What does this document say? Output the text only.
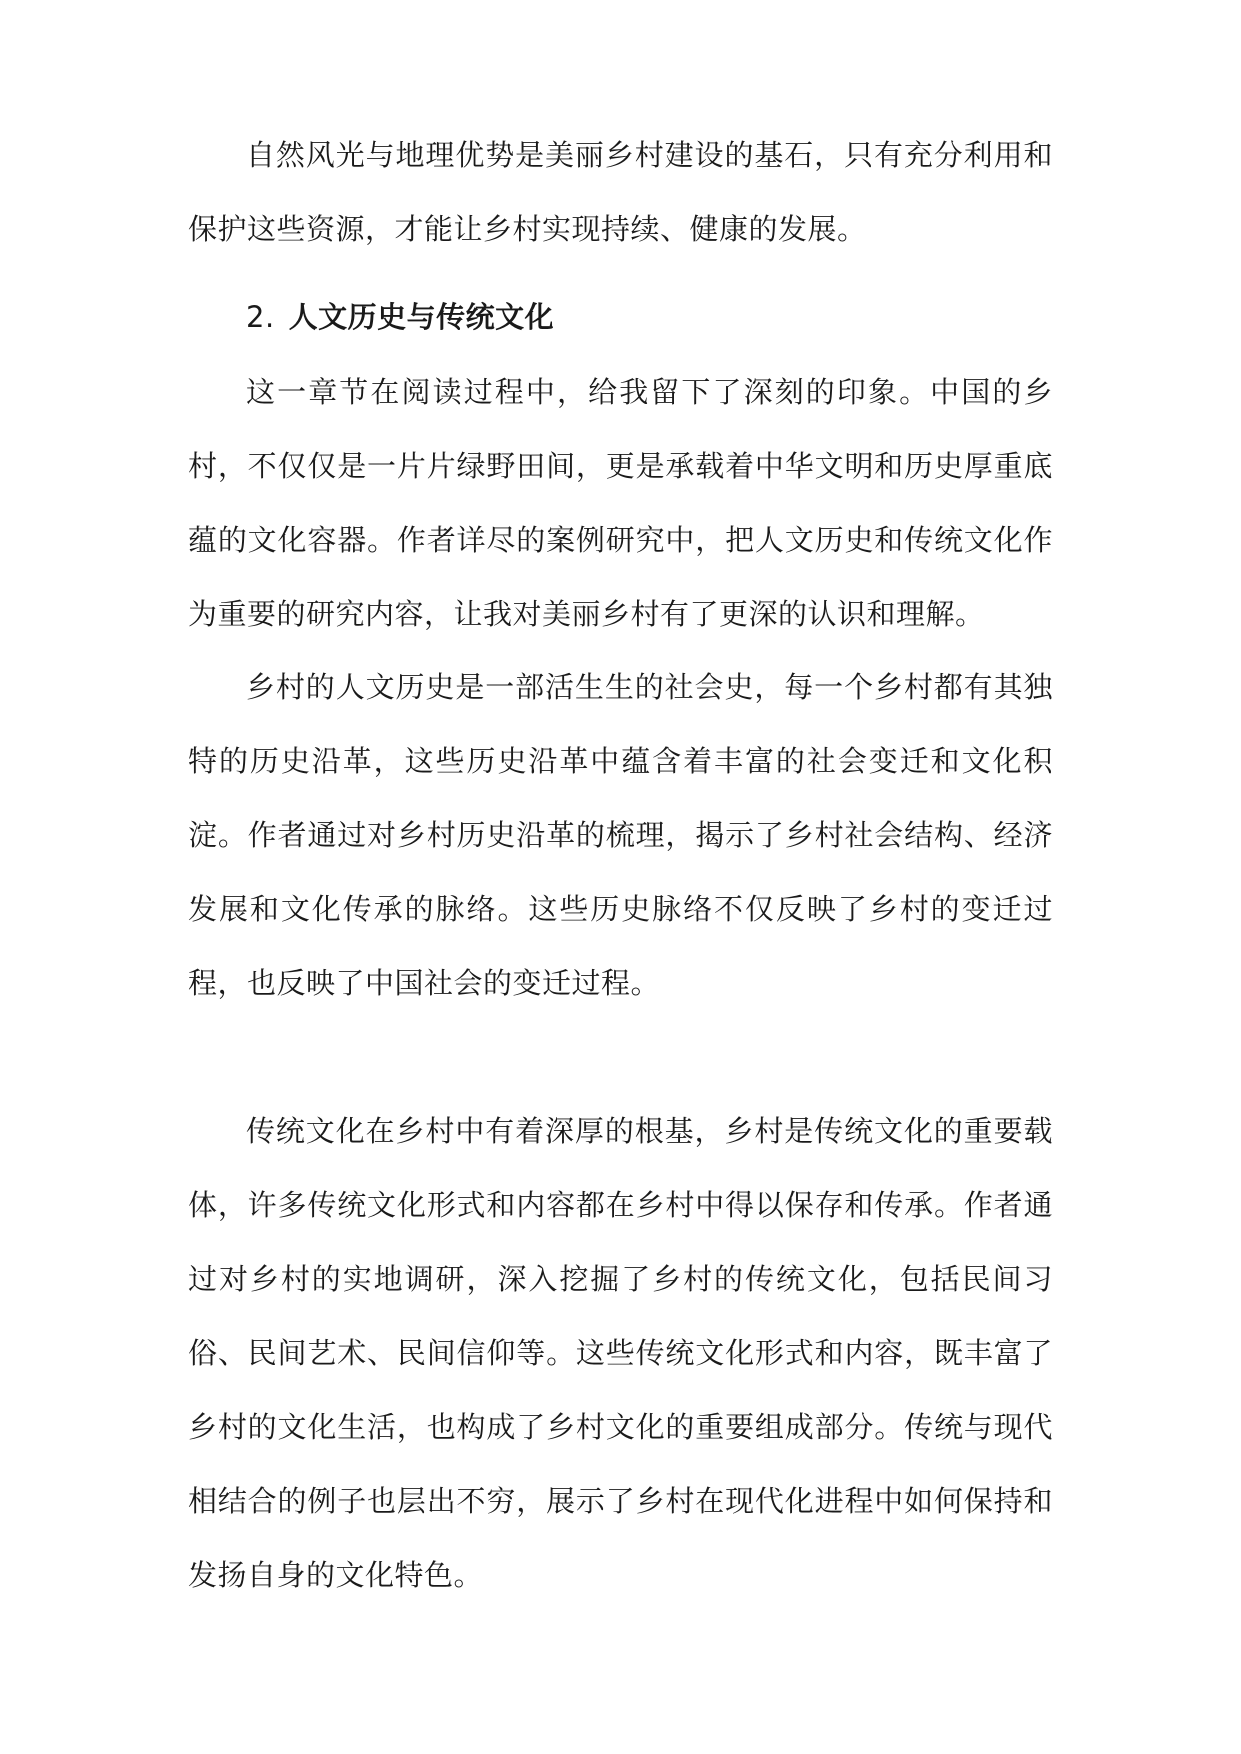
自然风光与地理优势是美丽乡村建设的基石，只有充分利用和保护这些资源，才能让乡村实现持续、健康的发展。

2. 人文历史与传统文化

这一章节在阅读过程中，给我留下了深刻的印象。中国的乡村，不仅仅是一片片绿野田间，更是承载着中华文明和历史厚重底蕴的文化容器。作者详尽的案例研究中，把人文历史和传统文化作为重要的研究内容，让我对美丽乡村有了更深的认识和理解。

乡村的人文历史是一部活生生的社会史，每一个乡村都有其独特的历史沿革，这些历史沿革中蕴含着丰富的社会变迁和文化积淀。作者通过对乡村历史沿革的梳理，揭示了乡村社会结构、经济发展和文化传承的脉络。这些历史脉络不仅反映了乡村的变迁过程，也反映了中国社会的变迁过程。

传统文化在乡村中有着深厚的根基，乡村是传统文化的重要载体，许多传统文化形式和内容都在乡村中得以保存和传承。作者通过对乡村的实地调研，深入挖掘了乡村的传统文化，包括民间习俗、民间艺术、民间信仰等。这些传统文化形式和内容，既丰富了乡村的文化生活，也构成了乡村文化的重要组成部分。传统与现代相结合的例子也层出不穷，展示了乡村在现代化进程中如何保持和发扬自身的文化特色。
